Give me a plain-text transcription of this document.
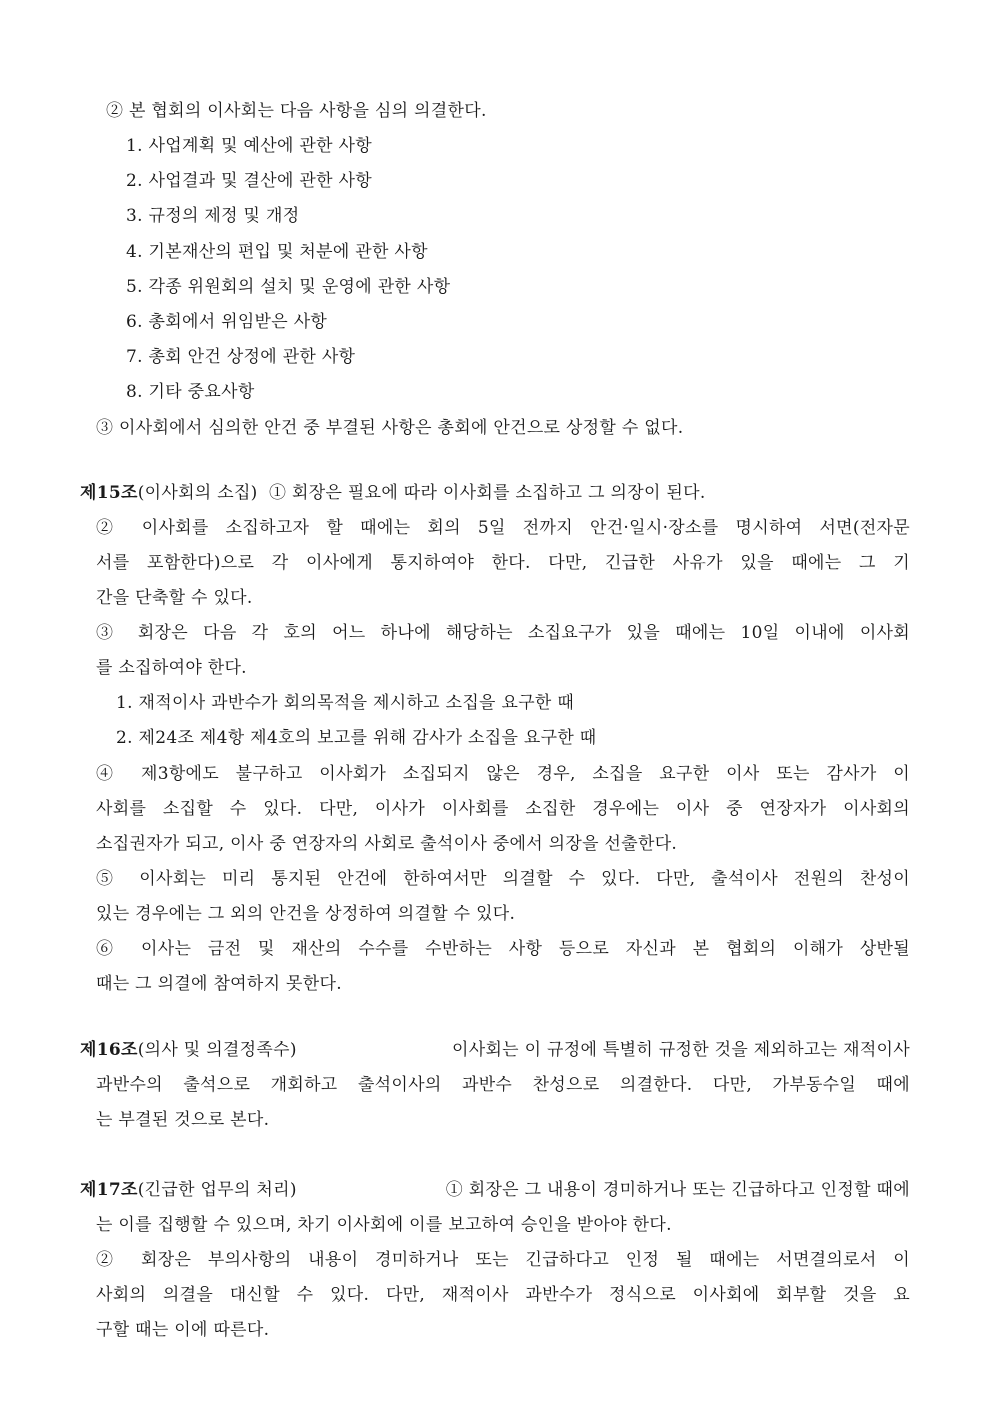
② 본 협회의 이사회는 다음 사항을 심의 의결한다.
1. 사업계획 및 예산에 관한 사항
2. 사업결과 및 결산에 관한 사항
3. 규정의 제정 및 개정
4. 기본재산의 편입 및 처분에 관한 사항
5. 각종 위원회의 설치 및 운영에 관한 사항
6. 총회에서 위임받은 사항
7. 총회 안건 상정에 관한 사항
8. 기타 중요사항
③ 이사회에서 심의한 안건 중 부결된 사항은 총회에 안건으로 상정할 수 없다.
제15조(이사회의 소집) ① 회장은 필요에 따라 이사회를 소집하고 그 의장이 된다.
② 이사회를 소집하고자 할 때에는 회의 5일 전까지 안건·일시·장소를 명시하여 서면(전자문
서를 포함한다)으로 각 이사에게 통지하여야 한다. 다만, 긴급한 사유가 있을 때에는 그 기
간을 단축할 수 있다.
③ 회장은 다음 각 호의 어느 하나에 해당하는 소집요구가 있을 때에는 10일 이내에 이사회
를 소집하여야 한다.
1. 재적이사 과반수가 회의목적을 제시하고 소집을 요구한 때
2. 제24조 제4항 제4호의 보고를 위해 감사가 소집을 요구한 때
④ 제3항에도 불구하고 이사회가 소집되지 않은 경우, 소집을 요구한 이사 또는 감사가 이
사회를 소집할 수 있다. 다만, 이사가 이사회를 소집한 경우에는 이사 중 연장자가 이사회의
소집권자가 되고, 이사 중 연장자의 사회로 출석이사 중에서 의장을 선출한다.
⑤ 이사회는 미리 통지된 안건에 한하여서만 의결할 수 있다. 다만, 출석이사 전원의 찬성이
있는 경우에는 그 외의 안건을 상정하여 의결할 수 있다.
⑥ 이사는 금전 및 재산의 수수를 수반하는 사항 등으로 자신과 본 협회의 이해가 상반될
때는 그 의결에 참여하지 못한다.
제16조(의사 및 의결정족수)	이사회는 이 규정에 특별히 규정한 것을 제외하고는 재적이사
과반수의 출석으로 개회하고 출석이사의 과반수 찬성으로 의결한다. 다만, 가부동수일 때에
는 부결된 것으로 본다.
제17조(긴급한 업무의 처리)	① 회장은 그 내용이 경미하거나 또는 긴급하다고 인정할 때에
는 이를 집행할 수 있으며, 차기 이사회에 이를 보고하여 승인을 받아야 한다.
② 회장은 부의사항의 내용이 경미하거나 또는 긴급하다고 인정 될 때에는 서면결의로서 이
사회의 의결을 대신할 수 있다. 다만, 재적이사 과반수가 정식으로 이사회에 회부할 것을 요
구할 때는 이에 따른다.
